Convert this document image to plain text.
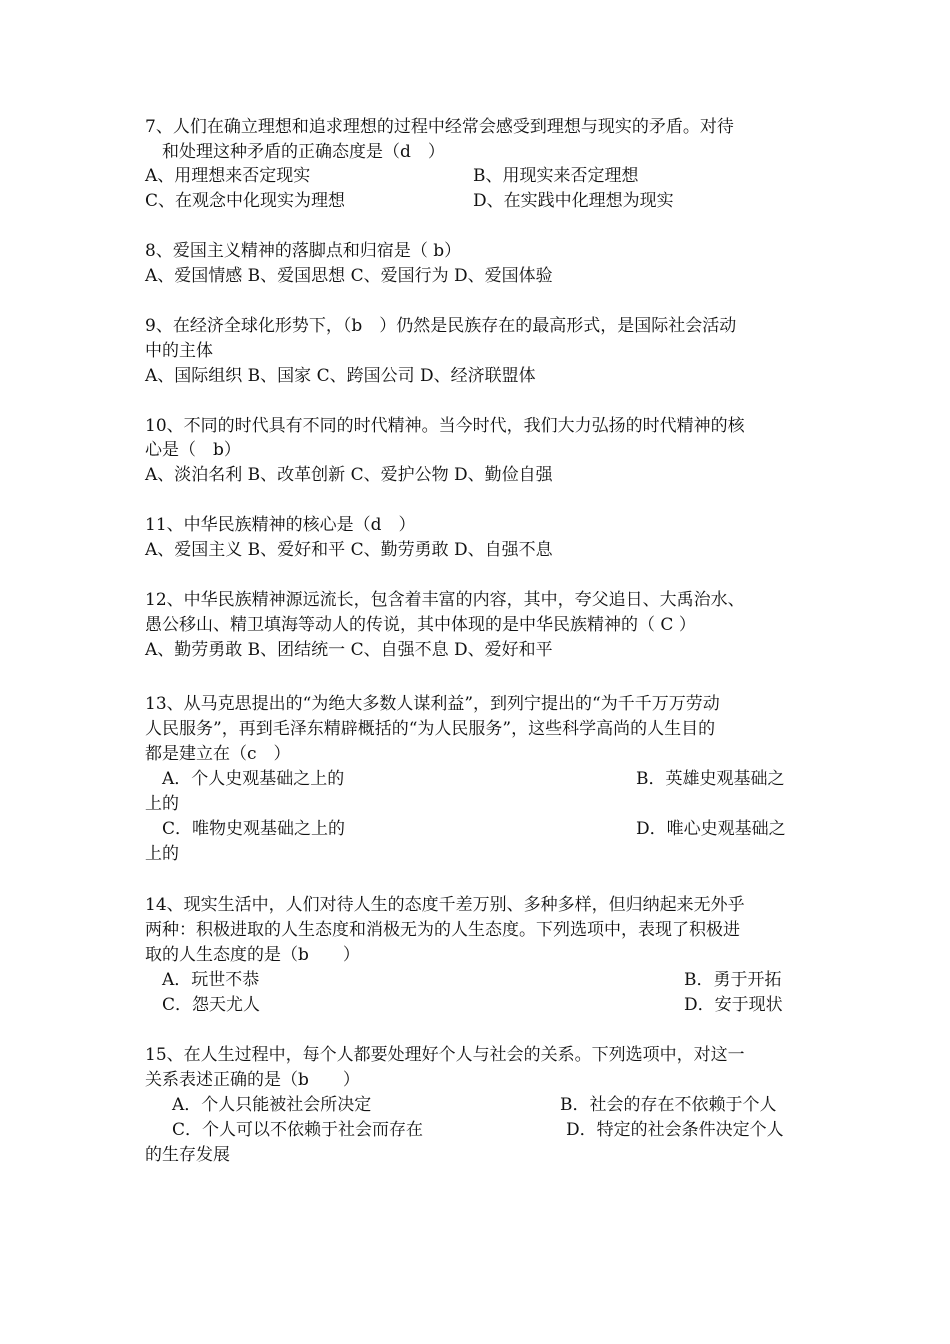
7、人们在确立理想和追求理想的过程中经常会感受到理想与现实的矛盾。对待
和处理这种矛盾的正确态度是（d　）
A、用理想来否定现实	B、用现实来否定理想
C、在观念中化现实为理想	D、在实践中化理想为现实
8、爱国主义精神的落脚点和归宿是（ b）
A、爱国情感 B、爱国思想 C、爱国行为 D、爱国体验
9、在经济全球化形势下，（b　）仍然是民族存在的最高形式，是国际社会活动
中的主体
A、国际组织 B、国家 C、跨国公司 D、经济联盟体
10、不同的时代具有不同的时代精神。当今时代，我们大力弘扬的时代精神的核
心是（　b）
A、淡泊名利 B、改革创新 C、爱护公物 D、勤俭自强
11、中华民族精神的核心是（d　）
A、爱国主义 B、爱好和平 C、勤劳勇敢 D、自强不息
12、中华民族精神源远流长，包含着丰富的内容，其中，夸父追日、大禹治水、
愚公移山、精卫填海等动人的传说，其中体现的是中华民族精神的（ C ）
A、勤劳勇敢 B、团结统一 C、自强不息 D、爱好和平
13、从马克思提出的“为绝大多数人谋利益”，到列宁提出的“为千千万万劳动
人民服务”，再到毛泽东精辟概括的“为人民服务”，这些科学高尚的人生目的
都是建立在（c　）
A．个人史观基础之上的	B．英雄史观基础之
上的
C．唯物史观基础之上的	D．唯心史观基础之
上的
14、现实生活中，人们对待人生的态度千差万别、多种多样，但归纳起来无外乎
两种：积极进取的人生态度和消极无为的人生态度。下列选项中，表现了积极进
取的人生态度的是（b　　）
A．玩世不恭	B．勇于开拓
C．怨天尤人	D．安于现状
15、在人生过程中，每个人都要处理好个人与社会的关系。下列选项中，对这一
关系表述正确的是（b　　）
A．个人只能被社会所决定	B．社会的存在不依赖于个人
C．个人可以不依赖于社会而存在	D．特定的社会条件决定个人
的生存发展
